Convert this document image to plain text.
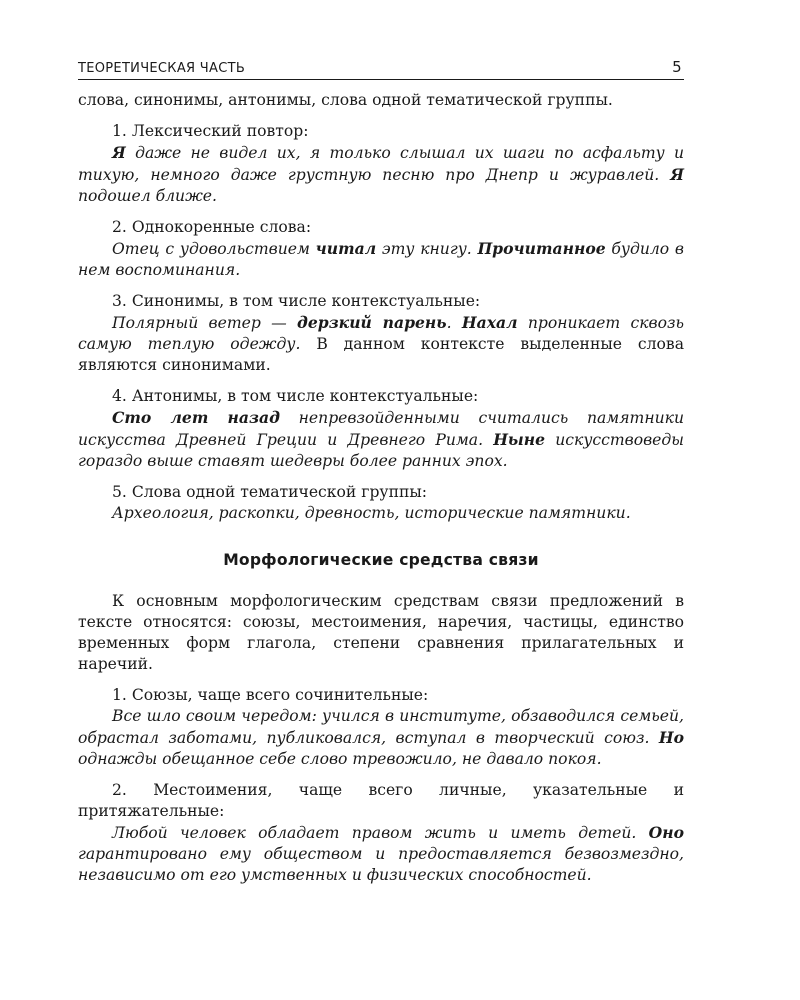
ТЕОРЕТИЧЕСКАЯ ЧАСТЬ	5

слова, синонимы, антонимы, слова одной тематической группы.

1. Лексический повтор:

Я даже не видел их, я только слышал их шаги по асфальту и тихую, немного даже грустную песню про Днепр и журавлей. Я подошел ближе.

2. Однокоренные слова:

Отец с удовольствием читал эту книгу. Прочитанное будило в нем воспоминания.

3. Синонимы, в том числе контекстуальные:

Полярный ветер — дерзкий парень. Нахал проникает сквозь самую теплую одежду. В данном контексте выделенные слова являются синонимами.

4. Антонимы, в том числе контекстуальные:

Сто лет назад непревзойденными считались памятники искусства Древней Греции и Древнего Рима. Ныне искусствоведы гораздо выше ставят шедевры более ранних эпох.

5. Слова одной тематической группы:

Археология, раскопки, древность, исторические памятники.

Морфологические средства связи

К основным морфологическим средствам связи предложений в тексте относятся: союзы, местоимения, наречия, частицы, единство временных форм глагола, степени сравнения прилагательных и наречий.

1. Союзы, чаще всего сочинительные:

Все шло своим чередом: учился в институте, обзаводился семьей, обрастал заботами, публиковался, вступал в творческий союз. Но однажды обещанное себе слово тревожило, не давало покоя.

2. Местоимения, чаще всего личные, указательные и притяжательные:

Любой человек обладает правом жить и иметь детей. Оно гарантировано ему обществом и предоставляется безвозмездно, независимо от его умственных и физических способностей.
